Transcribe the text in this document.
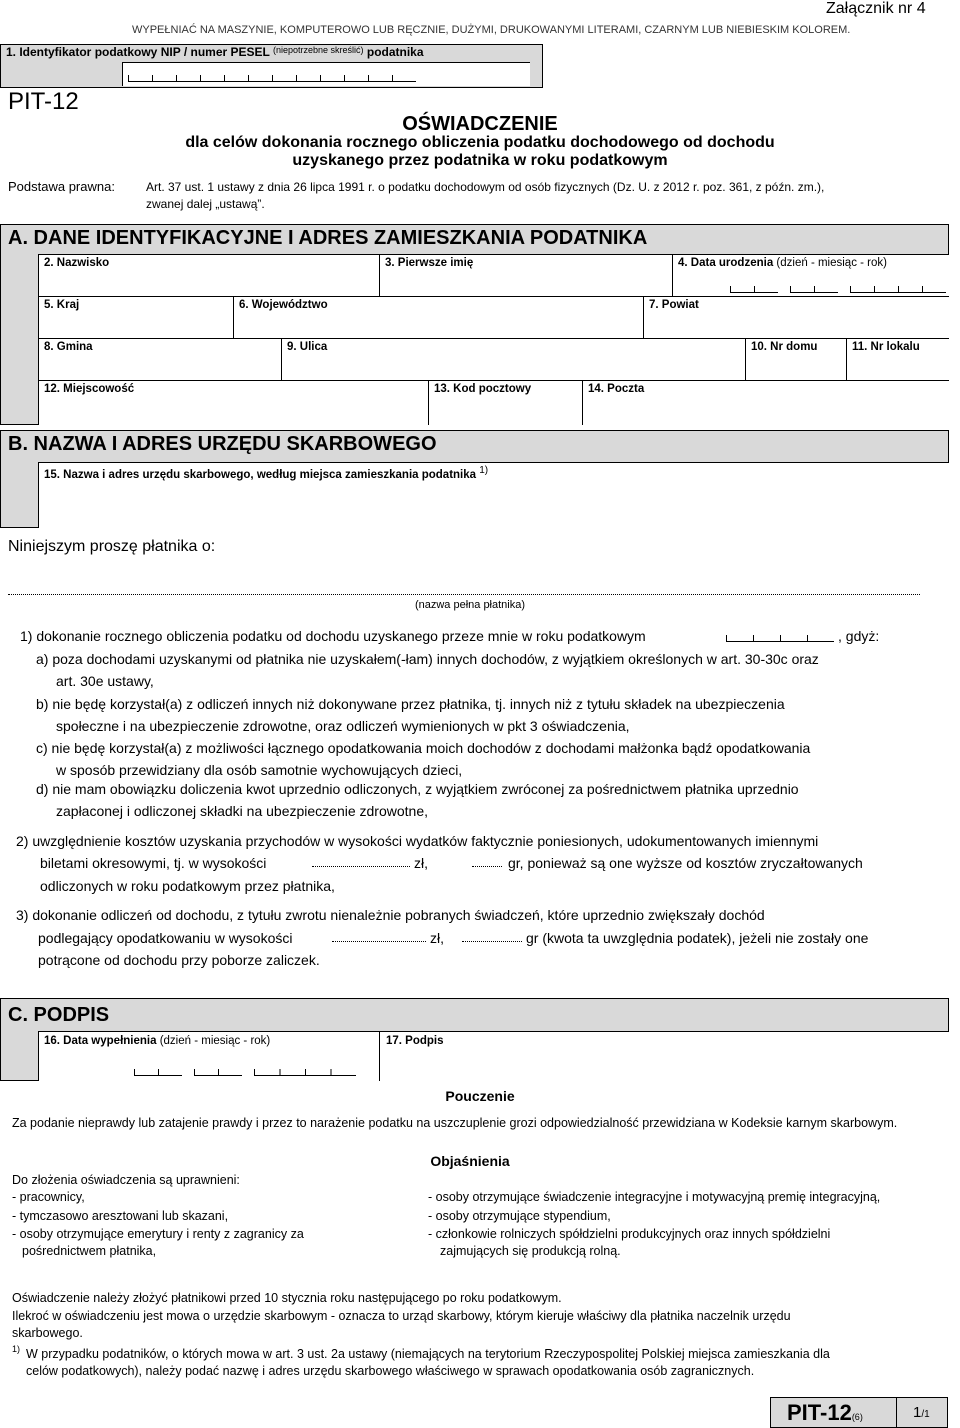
WYPEŁNIAĆ NA MASZYNIE, KOMPUTEROWO LUB RĘCZNIE, DUŻYMI, DRUKOWANYMI LITERAMI, CZARNYM LUB NIEBIESKIM KOLOREM.
Załącznik nr 4
1. Identyfikator podatkowy NIP / numer PESEL $^{(niepotrzebne skreślić)}$ podatnika
PIT-12
OŚWIADCZENIE
dla celów dokonania rocznego obliczenia podatku dochodowego od dochodu
uzyskanego przez podatnika w roku podatkowym
Podstawa prawna:	Art. 37 ust. 1 ustawy z dnia 26 lipca 1991 r. o podatku dochodowym od osób fizycznych (Dz. U. z 2012 r. poz. 361, z późn. zm.),
zwanej dalej „ustawą”.
A. DANE IDENTYFIKACYJNE I ADRES ZAMIESZKANIA PODATNIKA
2. Nazwisko	3. Pierwsze imię	4. Data urodzenia (dzień - miesiąc - rok)
5. Kraj	6. Województwo	7. Powiat
8. Gmina	9. Ulica	10. Nr domu	11. Nr lokalu
12. Miejscowość	13. Kod pocztowy	14. Poczta
B. NAZWA I ADRES URZĘDU SKARBOWEGO
15. Nazwa i adres urzędu skarbowego, według miejsca zamieszkania podatnika $^{1)}$
Niniejszym proszę płatnika o:
(nazwa pełna płatnika)
1) dokonanie rocznego obliczenia podatku od dochodu uzyskanego przeze mnie w roku podatkowym	, gdyż:
a) poza dochodami uzyskanymi od płatnika nie uzyskałem(-łam) innych dochodów, z wyjątkiem określonych w art. 30-30c oraz
art. 30e ustawy,
b) nie będę korzystał(a) z odliczeń innych niż dokonywane przez płatnika, tj. innych niż z tytułu składek na ubezpieczenia
społeczne i na ubezpieczenie zdrowotne, oraz odliczeń wymienionych w pkt 3 oświadczenia,
c) nie będę korzystał(a) z możliwości łącznego opodatkowania moich dochodów z dochodami małżonka bądź opodatkowania
w sposób przewidziany dla osób samotnie wychowujących dzieci,
d) nie mam obowiązku doliczenia kwot uprzednio odliczonych, z wyjątkiem zwróconej za pośrednictwem płatnika uprzednio
zapłaconej i odliczonej składki na ubezpieczenie zdrowotne,
2) uwzględnienie kosztów uzyskania przychodów w wysokości wydatków faktycznie poniesionych, udokumentowanych imiennymi
biletami okresowymi, tj. w wysokości	zł,	gr, ponieważ są one wyższe od kosztów zryczałtowanych
odliczonych w roku podatkowym przez płatnika,
3) dokonanie odliczeń od dochodu, z tytułu zwrotu nienależnie pobranych świadczeń, które uprzednio zwiększały dochód
podlegający opodatkowaniu w wysokości	zł,	gr (kwota ta uwzględnia podatek), jeżeli nie zostały one
potrącone od dochodu przy poborze zaliczek.
C. PODPIS
16. Data wypełnienia (dzień - miesiąc - rok)	17. Podpis
Pouczenie
Za podanie nieprawdy lub zatajenie prawdy i przez to narażenie podatku na uszczuplenie grozi odpowiedzialność przewidziana w Kodeksie karnym skarbowym.
Objaśnienia
Do złożenia oświadczenia są uprawnieni:
- pracownicy,
- tymczasowo aresztowani lub skazani,
- osoby otrzymujące emerytury i renty z zagranicy za
pośrednictwem płatnika,
- osoby otrzymujące świadczenie integracyjne i motywacyjną premię integracyjną,
- osoby otrzymujące stypendium,
- członkowie rolniczych spółdzielni produkcyjnych oraz innych spółdzielni
zajmujących się produkcją rolną.
Oświadczenie należy złożyć płatnikowi przed 10 stycznia roku następującego po roku podatkowym.
Ilekroć w oświadczeniu jest mowa o urzędzie skarbowym - oznacza to urząd skarbowy, którym kieruje właściwy dla płatnika naczelnik urzędu
skarbowego.
1) W przypadku podatników, o których mowa w art. 3 ust. 2a ustawy (niemających na terytorium Rzeczypospolitej Polskiej miejsca zamieszkania dla
celów podatkowych), należy podać nazwę i adres urzędu skarbowego właściwego w sprawach opodatkowania osób zagranicznych.
PIT-12(6)	1/1
